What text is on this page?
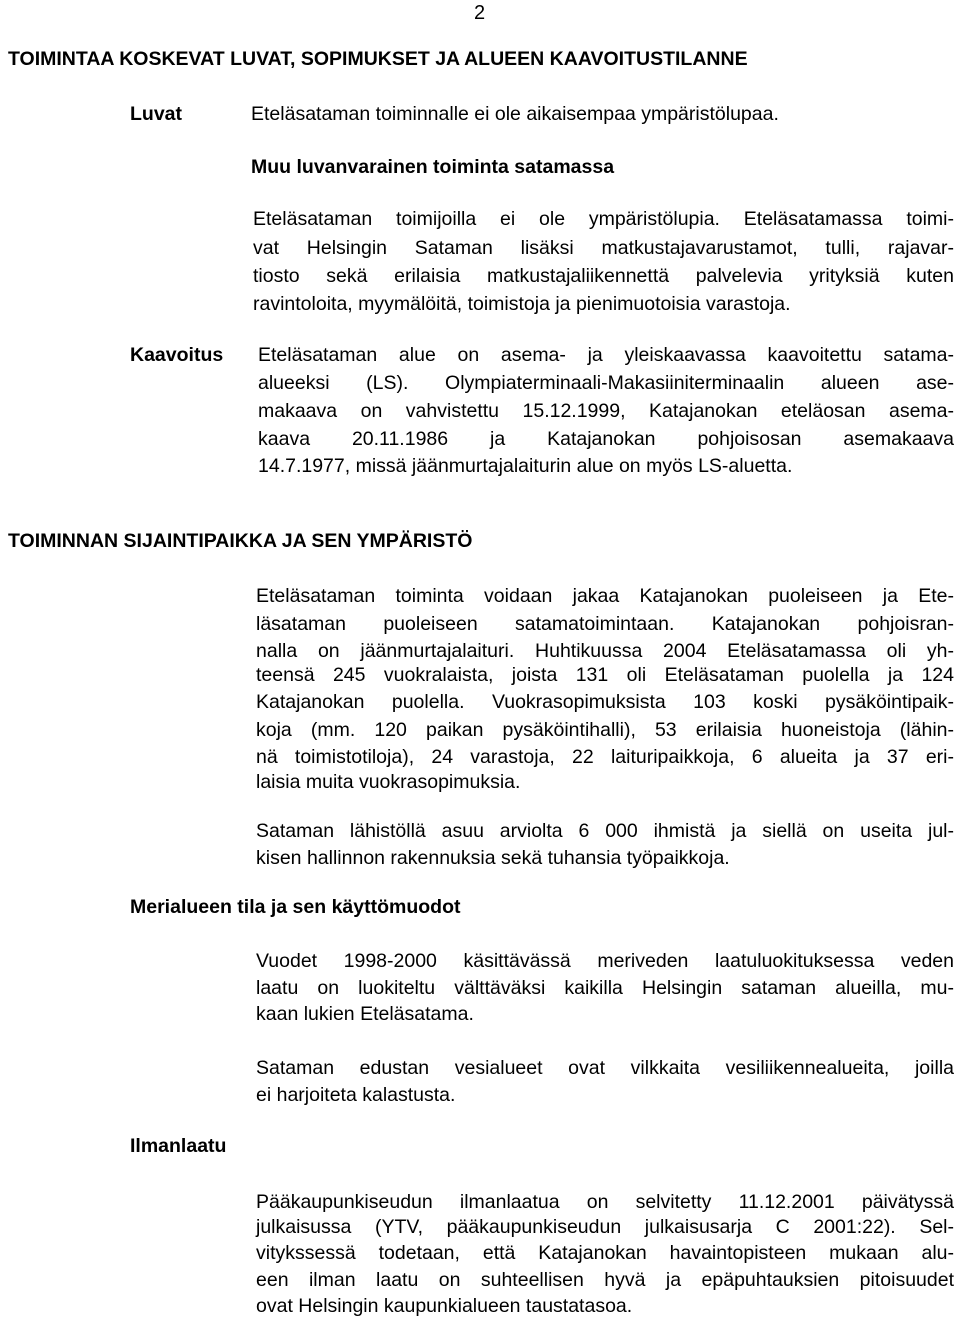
2
TOIMINTAA KOSKEVAT LUVAT, SOPIMUKSET JA ALUEEN KAAVOITUSTILANNE
Luvat	Eteläsataman toiminnalle ei ole aikaisempaa ympäristölupaa.
Muu luvanvarainen toiminta satamassa
Eteläsataman toimijoilla ei ole ympäristölupia. Eteläsatamassa toimi-
vat Helsingin Sataman lisäksi matkustajavarustamot, tulli, rajavar-
tiosto sekä erilaisia matkustajaliikennettä palvelevia yrityksiä kuten
ravintoloita, myymälöitä, toimistoja ja pienimuotoisia varastoja.
Kaavoitus Eteläsataman alue on asema- ja yleiskaavassa kaavoitettu satama-
alueeksi (LS). Olympiaterminaali-Makasiiniterminaalin alueen ase-
makaava on vahvistettu 15.12.1999, Katajanokan eteläosan asema-
kaava 20.11.1986 ja Katajanokan pohjoisosan asemakaava
14.7.1977, missä jäänmurtajalaiturin alue on myös LS-aluetta.
TOIMINNAN SIJAINTIPAIKKA JA SEN YMPÄRISTÖ
Eteläsataman toiminta voidaan jakaa Katajanokan puoleiseen ja Ete-
läsataman puoleiseen satamatoimintaan. Katajanokan pohjoisran-
nalla on jäänmurtajalaituri. Huhtikuussa 2004 Eteläsatamassa oli yh-
teensä 245 vuokralaista, joista 131 oli Eteläsataman puolella ja 124
Katajanokan puolella. Vuokrasopimuksista 103 koski pysäköintipaik-
koja (mm. 120 paikan pysäköintihalli), 53 erilaisia huoneistoja (lähin-
nä toimistotiloja), 24 varastoja, 22 laituripaikkoja, 6 alueita ja 37 eri-
laisia muita vuokrasopimuksia.
Sataman lähistöllä asuu arviolta 6 000 ihmistä ja siellä on useita jul-
kisen hallinnon rakennuksia sekä tuhansia työpaikkoja.
Merialueen tila ja sen käyttömuodot
Vuodet 1998-2000 käsittävässä meriveden laatuluokituksessa veden
laatu on luokiteltu välttäväksi kaikilla Helsingin sataman alueilla, mu-
kaan lukien Eteläsatama.
Sataman edustan vesialueet ovat vilkkaita vesiliikennealueita, joilla
ei harjoiteta kalastusta.
Ilmanlaatu
Pääkaupunkiseudun ilmanlaatua on selvitetty 11.12.2001 päivätyssä
julkaisussa (YTV, pääkaupunkiseudun julkaisusarja C 2001:22). Sel-
vitykssessä todetaan, että Katajanokan havaintopisteen mukaan alu-
een ilman laatu on suhteellisen hyvä ja epäpuhtauksien pitoisuudet
ovat Helsingin kaupunkialueen taustatasoa.
